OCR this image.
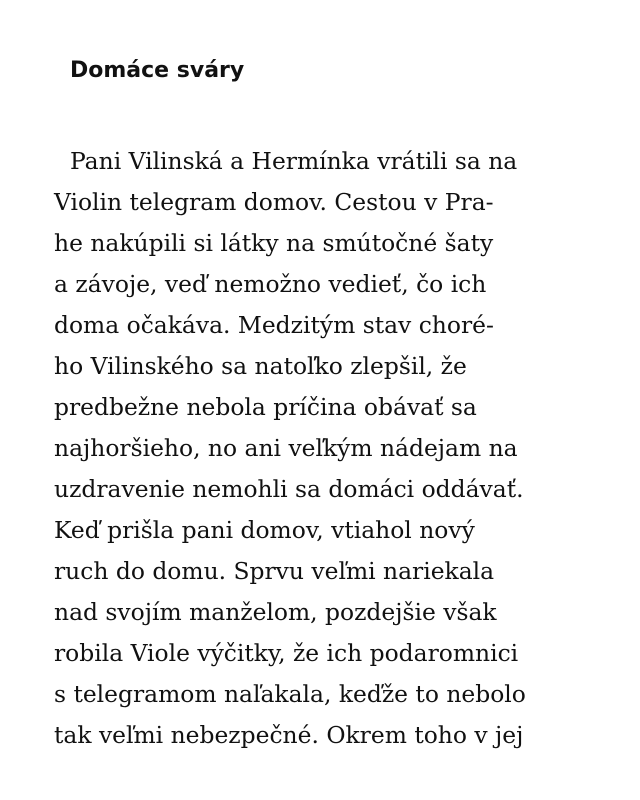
Domáce sváry
Pani Vilinská a Hermínka vrátili sa na
Violin telegram domov. Cestou v Pra-
he nakúpili si látky na smútočné šaty
a závoje, veď nemožno vedieť, čo ich
doma očakáva. Medzitým stav choré-
ho Vilinského sa natoľko zlepšil, že
predbežne nebola príčina obávať sa
najhoršieho, no ani veľkým nádejam na
uzdravenie nemohli sa domáci oddávať.
Keď prišla pani domov, vtiahol nový
ruch do domu. Sprvu veľmi nariekala
nad svojím manželom, pozdejšie však
robila Viole výčitky, že ich podaromnici
s telegramom naľakala, keďže to nebolo
tak veľmi nebezpečné. Okrem toho v jej
